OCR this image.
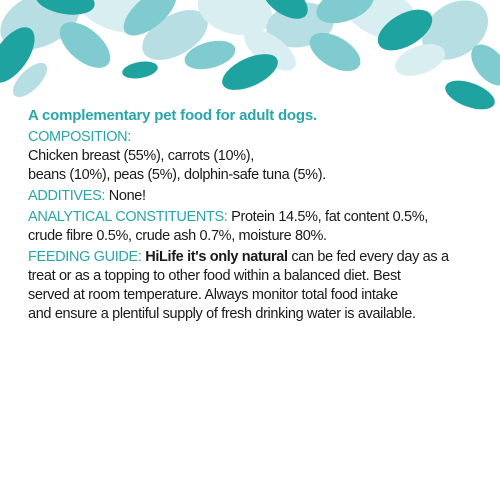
A complementary pet food for adult dogs.
COMPOSITION:
Chicken breast (55%), carrots (10%),
beans (10%), peas (5%), dolphin-safe tuna (5%).
ADDITIVES: None!
ANALYTICAL CONSTITUENTS: Protein 14.5%, fat content 0.5%,
crude fibre 0.5%, crude ash 0.7%, moisture 80%.
FEEDING GUIDE: HiLife it's only natural can be fed every day as a
treat or as a topping to other food within a balanced diet. Best
served at room temperature. Always monitor total food intake
and ensure a plentiful supply of fresh drinking water is available.
